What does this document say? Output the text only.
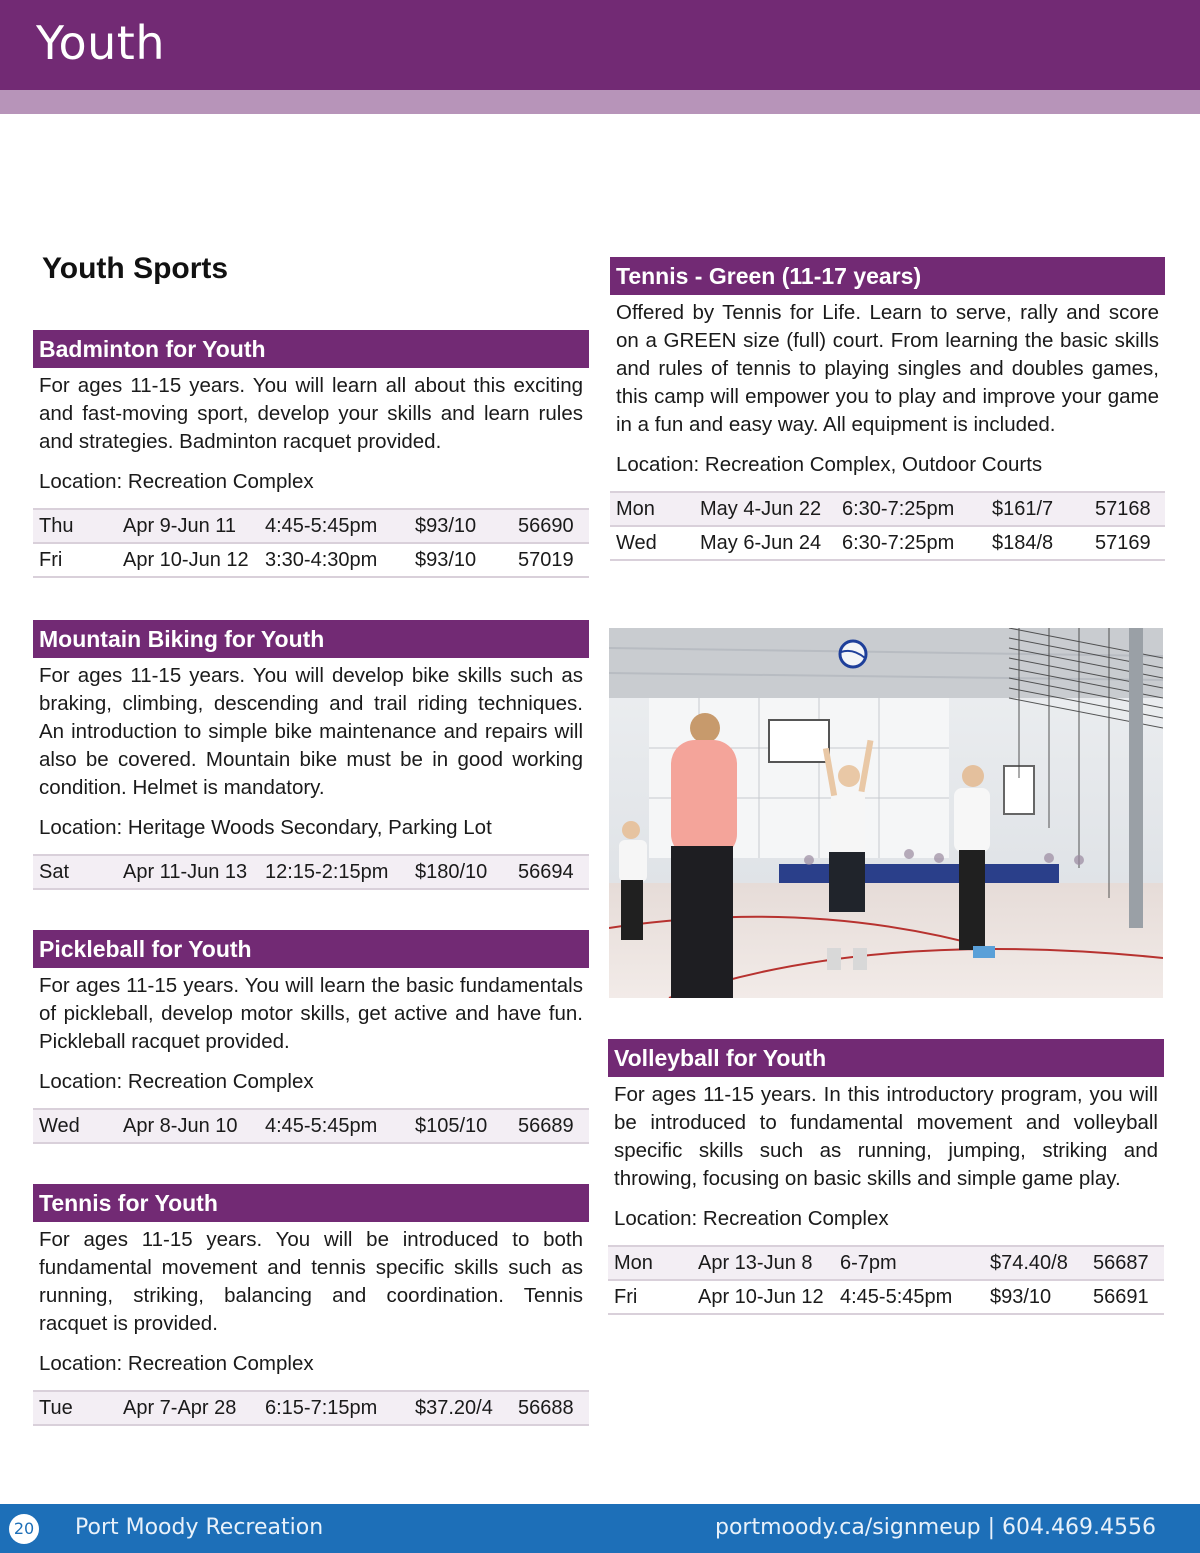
Youth
Youth Sports
Badminton for Youth
For ages 11-15 years. You will learn all about this exciting and fast-moving sport, develop your skills and learn rules and strategies. Badminton racquet provided.
Location: Recreation Complex
Thu	Apr 9-Jun 11	4:45-5:45pm	$93/10	56690
Fri	Apr 10-Jun 12	3:30-4:30pm	$93/10	57019
Mountain Biking for Youth
For ages 11-15 years. You will develop bike skills such as braking, climbing, descending and trail riding techniques. An introduction to simple bike maintenance and repairs will also be covered. Mountain bike must be in good working condition. Helmet is mandatory.
Location: Heritage Woods Secondary, Parking Lot
Sat	Apr 11-Jun 13	12:15-2:15pm	$180/10	56694
Pickleball for Youth
For ages 11-15 years. You will learn the basic fundamentals of pickleball, develop motor skills, get active and have fun. Pickleball racquet provided.
Location: Recreation Complex
Wed	Apr 8-Jun 10	4:45-5:45pm	$105/10	56689
Tennis for Youth
For ages 11-15 years. You will be introduced to both fundamental movement and tennis specific skills such as running, striking, balancing and coordination. Tennis racquet is provided.
Location: Recreation Complex
Tue	Apr 7-Apr 28	6:15-7:15pm	$37.20/4	56688
Tennis - Green (11-17 years)
Offered by Tennis for Life. Learn to serve, rally and score on a GREEN size (full) court. From learning the basic skills and rules of tennis to playing singles and doubles games, this camp will empower you to play and improve your game in a fun and easy way. All equipment is included.
Location: Recreation Complex, Outdoor Courts
Mon	May 4-Jun 22	6:30-7:25pm	$161/7	57168
Wed	May 6-Jun 24	6:30-7:25pm	$184/8	57169
Volleyball for Youth
For ages 11-15 years. In this introductory program, you will be introduced to fundamental movement and volleyball specific skills such as running, jumping, striking and throwing, focusing on basic skills and simple game play.
Location: Recreation Complex
Mon	Apr 13-Jun 8	6-7pm	$74.40/8	56687
Fri	Apr 10-Jun 12	4:45-5:45pm	$93/10	56691
20 Port Moody Recreation	portmoody.ca/signmeup | 604.469.4556
